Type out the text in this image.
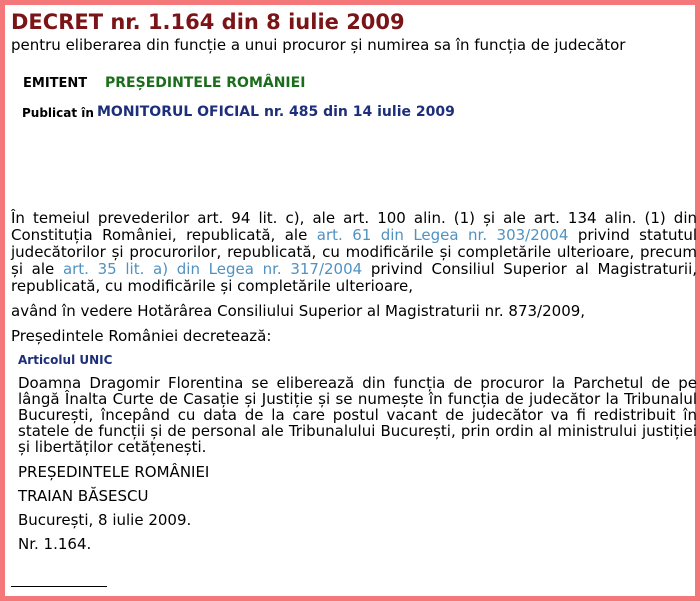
DECRET nr. 1.164 din 8 iulie 2009
pentru eliberarea din funcție a unui procuror și numirea sa în funcția de judecător
EMITENT PREȘEDINTELE ROMÂNIEI
Publicat în MONITORUL OFICIAL nr. 485 din 14 iulie 2009
În temeiul prevederilor art. 94 lit. c), ale art. 100 alin. (1) și ale art. 134 alin. (1) din Constituția României, republicată, ale art. 61 din Legea nr. 303/2004 privind statutul judecătorilor și procurorilor, republicată, cu modificările și completările ulterioare, precum și ale art. 35 lit. a) din Legea nr. 317/2004 privind Consiliul Superior al Magistraturii, republicată, cu modificările și completările ulterioare,
având în vedere Hotărârea Consiliului Superior al Magistraturii nr. 873/2009,
Președintele României decretează:
Articolul UNIC
Doamna Dragomir Florentina se eliberează din funcția de procuror la Parchetul de pe lângă Înalta Curte de Casație și Justiție și se numește în funcția de judecător la Tribunalul București, începând cu data de la care postul vacant de judecător va fi redistribuit în statele de funcții și de personal ale Tribunalului București, prin ordin al ministrului justiției și libertăților cetățenești.
PREȘEDINTELE ROMÂNIEI
TRAIAN BĂSESCU
București, 8 iulie 2009.
Nr. 1.164.
